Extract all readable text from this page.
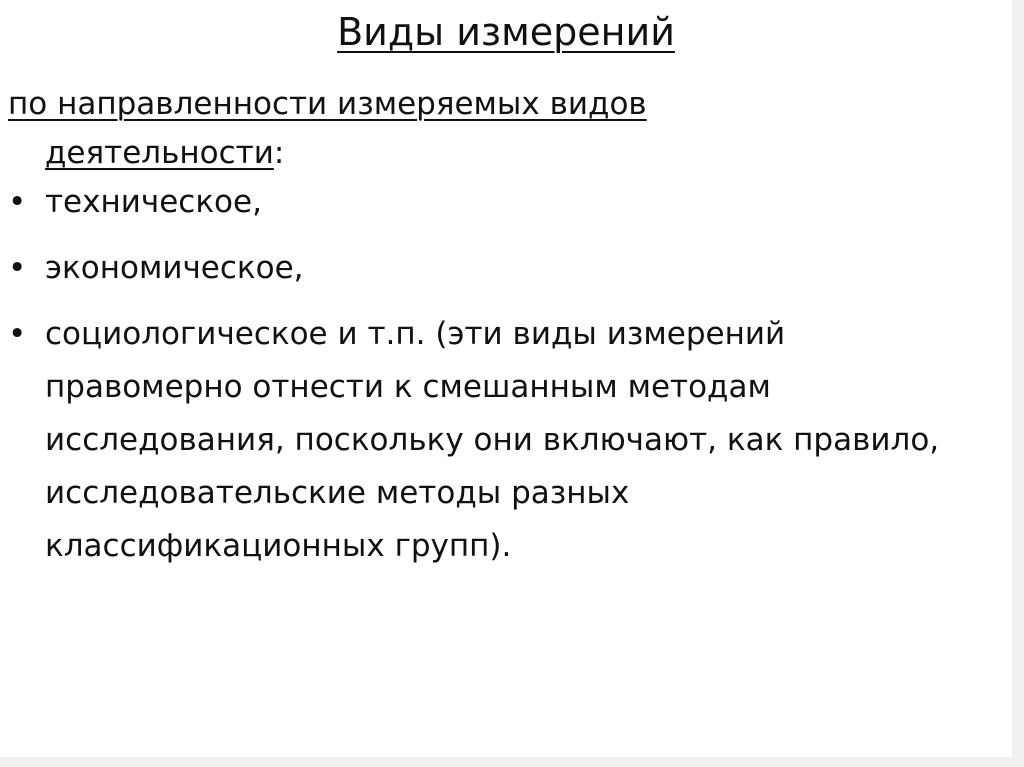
Виды измерений
по направленности измеряемых видов
деятельности:
• техническое,
• экономическое,
• социологическое и т.п. (эти виды измерений правомерно отнести к смешанным методам исследования, поскольку они включают, как правило, исследовательские методы разных классификационных групп).
